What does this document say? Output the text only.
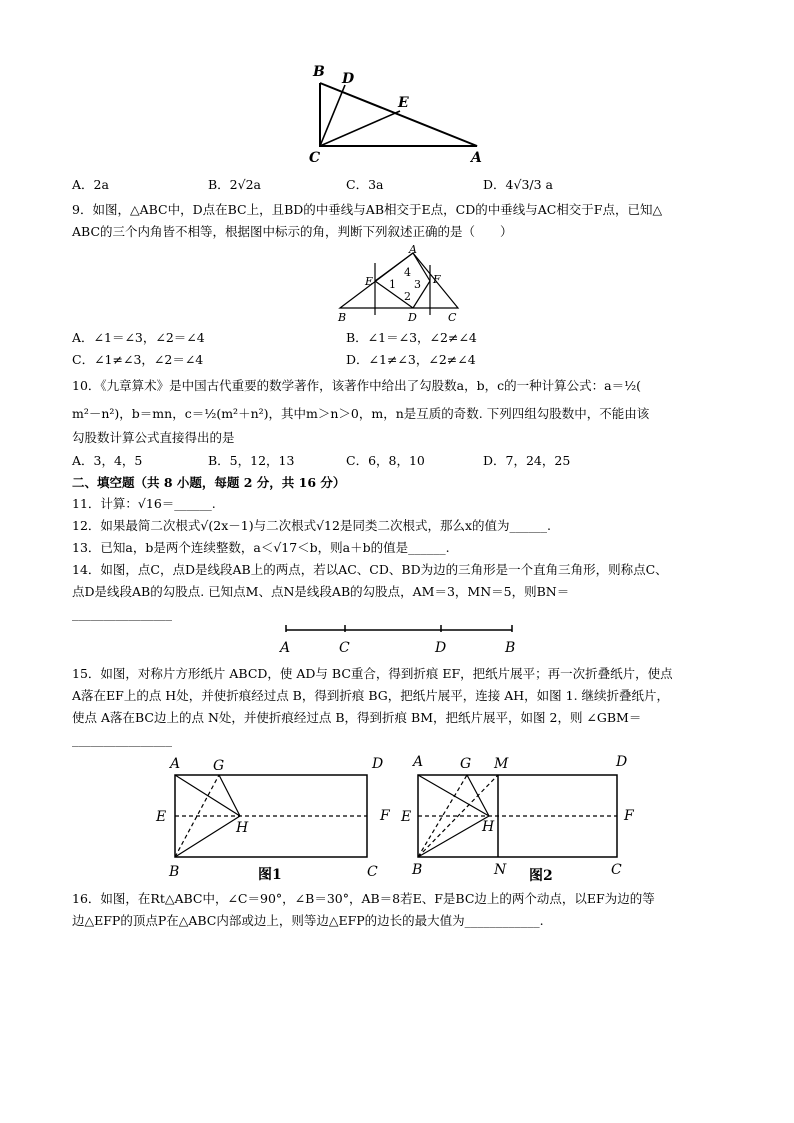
B D
E
C	A
A．2a	B．2√2a	C．3a	D．4√3/3 a
9．如图，△ABC中，D点在BC上，且BD的中垂线与AB相交于E点，CD的中垂线与AC相交于F点，已知△
ABC的三个内角皆不相等，根据图中标示的角，判断下列叙述正确的是（　　）
E	F
A
B	D	C
1
2
3
4
A．∠1＝∠3，∠2＝∠4	B．∠1＝∠3，∠2≠∠4
C．∠1≠∠3，∠2＝∠4	D．∠1≠∠3，∠2≠∠4
10．《九章算术》是中国古代重要的数学著作，该著作中给出了勾股数a，b，c的一种计算公式：a＝½(
m²－n²)，b＝mn，c＝½(m²＋n²)，其中m＞n＞0，m，n是互质的奇数. 下列四组勾股数中，不能由该
勾股数计算公式直接得出的是
A．3，4，5	B．5，12，13	C．6，8，10	D．7，24，25
二、填空题（共 8 小题，每题 2 分，共 16 分）
11．计算：√16＝______.
12．如果最简二次根式√(2x－1)与二次根式√12是同类二次根式，那么x的值为______.
13．已知a，b是两个连续整数，a＜√17＜b，则a＋b的值是______.
14．如图，点C，点D是线段AB上的两点，若以AC、CD、BD为边的三角形是一个直角三角形，则称点C、
点D是线段AB的勾股点. 已知点M、点N是线段AB的勾股点，AM＝3，MN＝5，则BN＝
________________
A	C	D	B
15．如图，对称片方形纸片 ABCD，使 AD与 BC重合，得到折痕 EF，把纸片展平；再一次折叠纸片，使点
A落在EF上的点 H处，并使折痕经过点 B，得到折痕 BG，把纸片展平，连接 AH，如图 1. 继续折叠纸片，
使点 A落在BC边上的点 N处，并使折痕经过点 B，得到折痕 BM，把纸片展平，如图 2，则 ∠GBM＝
________________
A G	D
E	F
H
B	C
图1
A	G M	D
E	F
H
B	N	C
图2
16．如图，在Rt△ABC中，∠C＝90°，∠B＝30°，AB＝8若E、F是BC边上的两个动点，以EF为边的等
边△EFP的顶点P在△ABC内部或边上，则等边△EFP的边长的最大值为____________.
